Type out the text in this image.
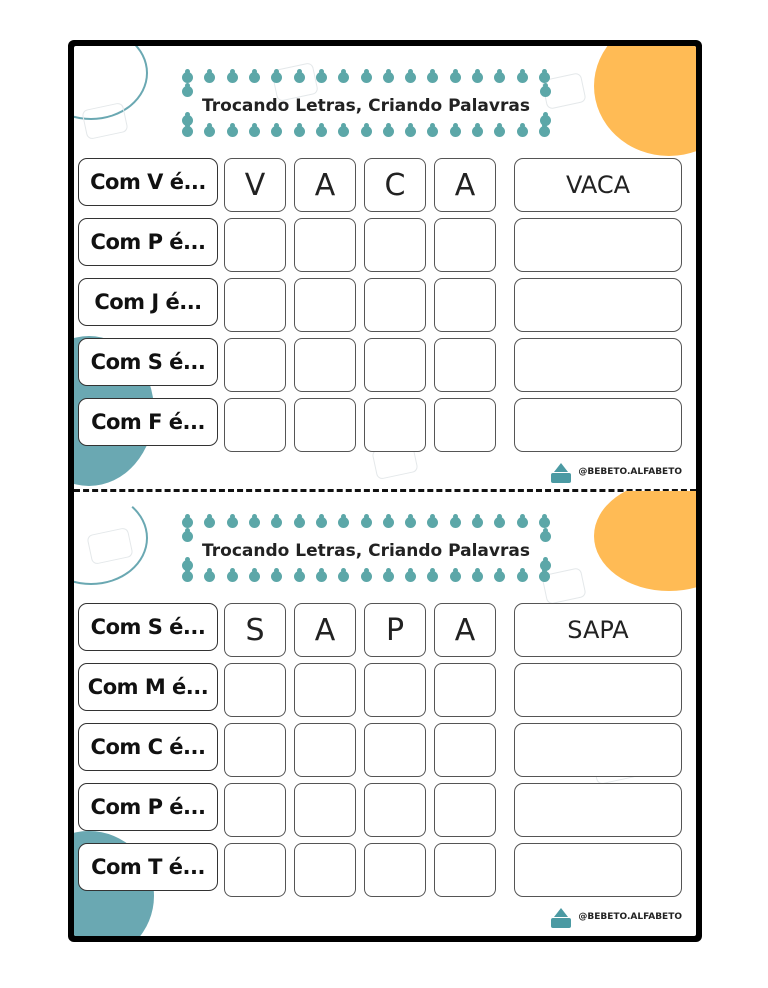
Trocando Letras, Criando Palavras
Com V é...	V	A	C	A	VACA
Com P é...
Com J é...
Com S é...
Com F é...
@BEBETO.ALFABETO
Trocando Letras, Criando Palavras
Com S é...	S	A	P	A	SAPA
Com M é...
Com C é...
Com P é...
Com T é...
@BEBETO.ALFABETO
